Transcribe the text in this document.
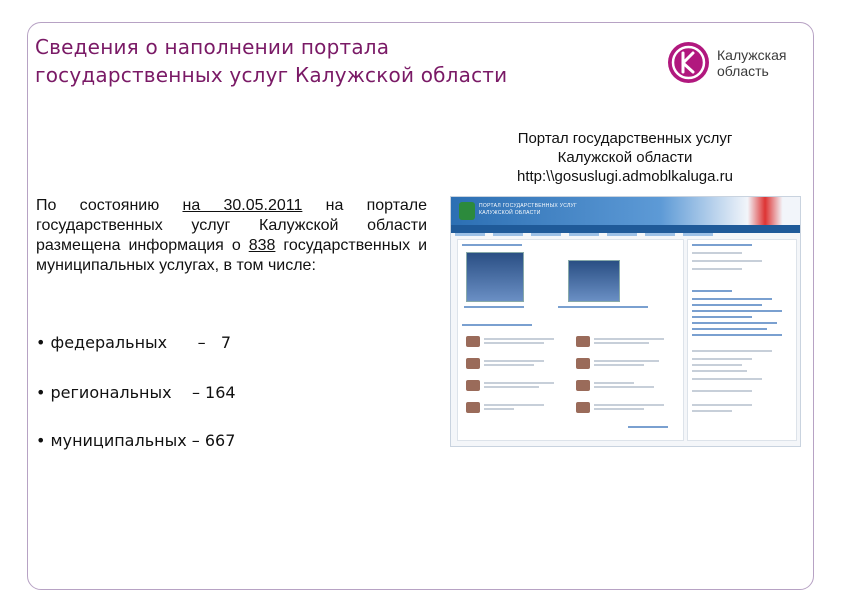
Сведения о наполнении портала
государственных услуг Калужской области
Калужская
область
Портал государственных услуг
Калужской области
http:\\gosuslugi.admoblkaluga.ru
По состоянию на 30.05.2011 на портале государственных услуг Калужской области размещена информация о 838 государственных и муниципальных услугах, в том числе:
• федеральных      –   7
• региональных    – 164
• муниципальных – 667
ПОРТАЛ ГОСУДАРСТВЕННЫХ УСЛУГ
КАЛУЖСКОЙ ОБЛАСТИ
